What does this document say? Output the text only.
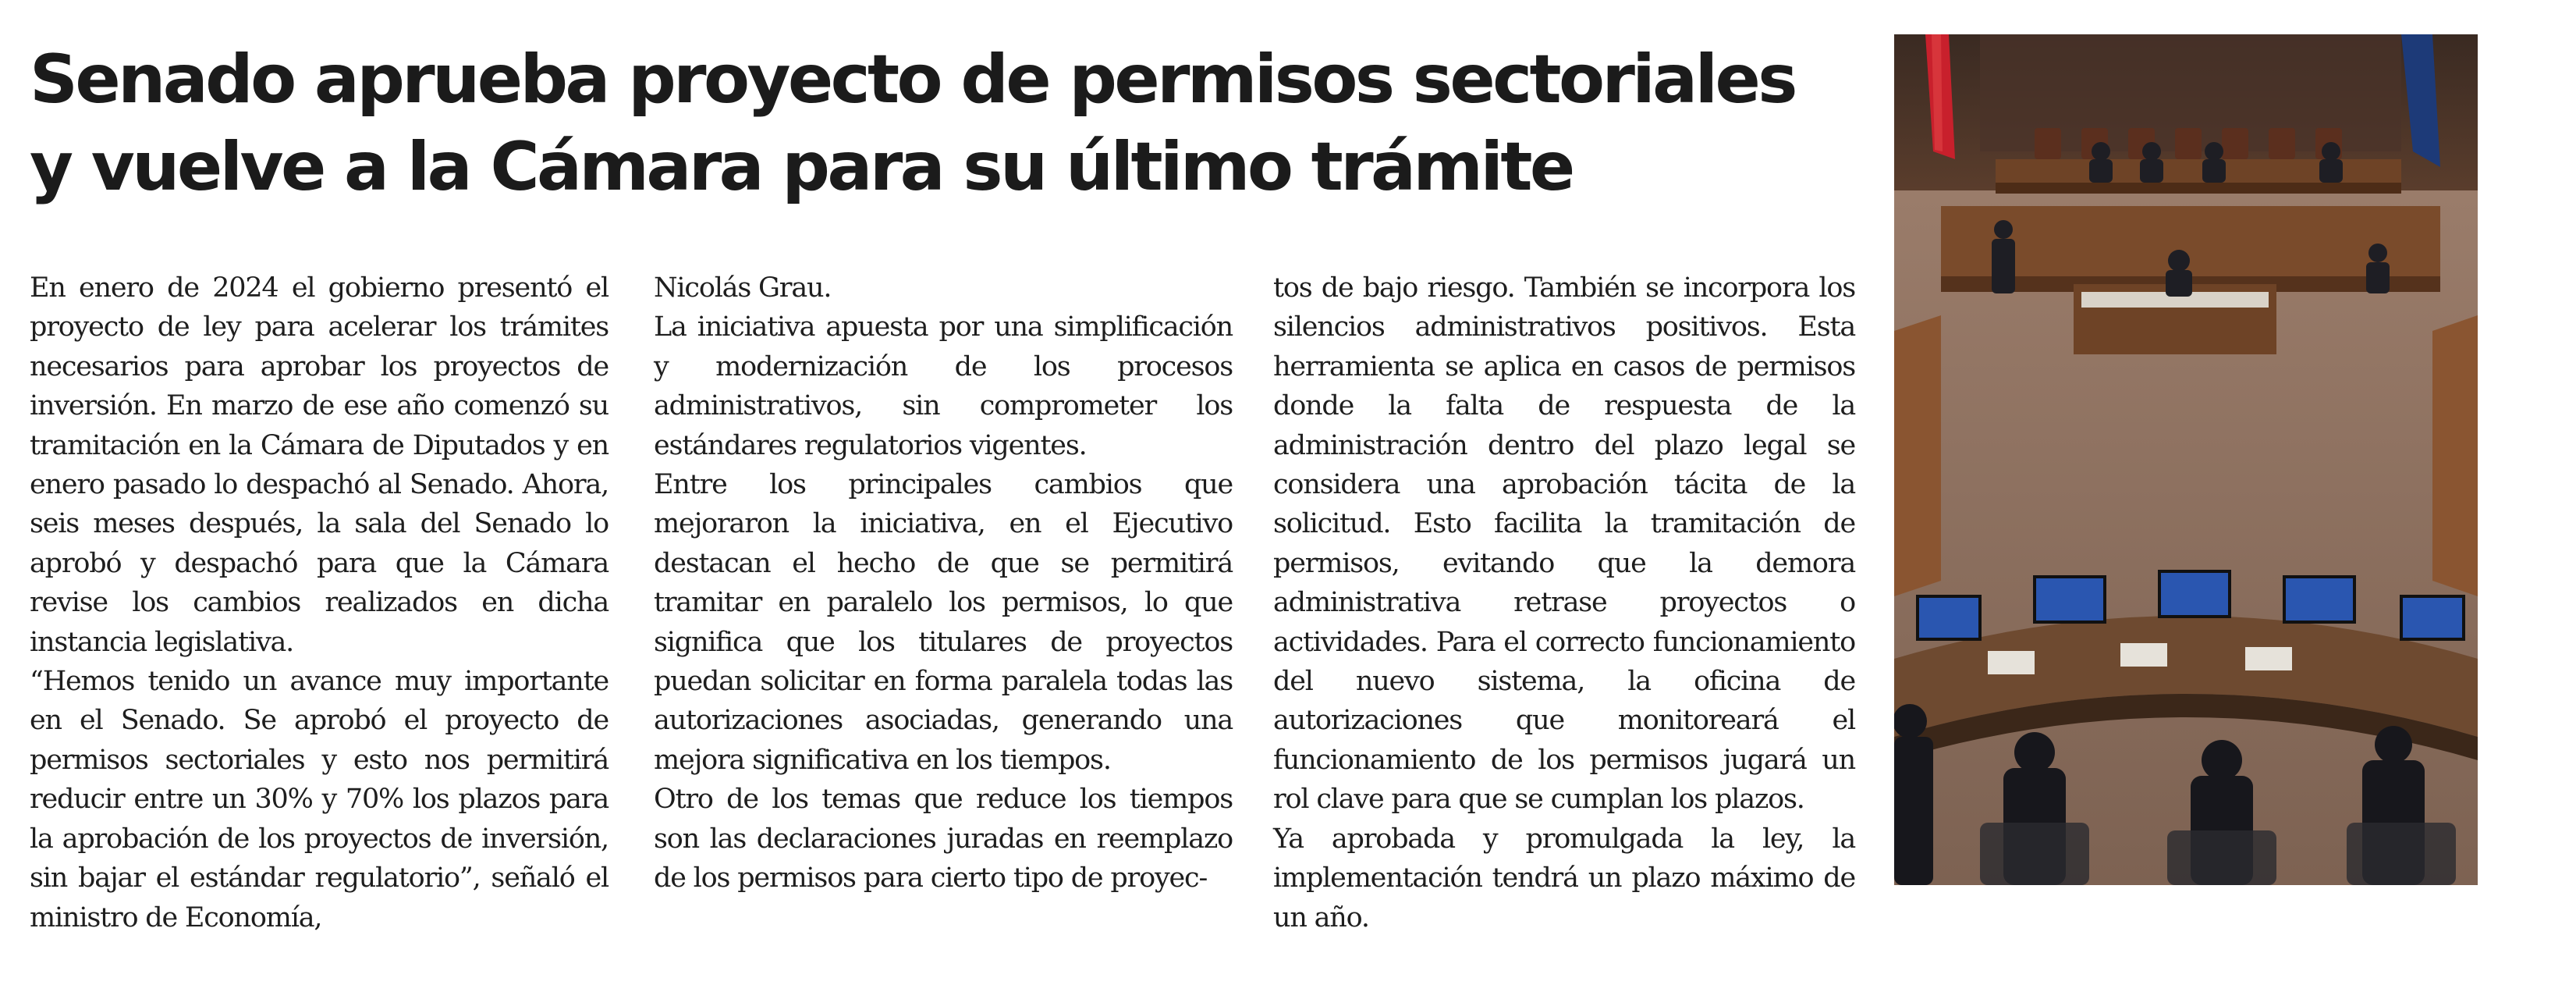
Senado aprueba proyecto de permisos sectoriales
y vuelve a la Cámara para su último trámite

En enero de 2024 el gobierno presentó el proyecto de ley para acelerar los trámites necesarios para aprobar los proyectos de inversión. En marzo de ese año comenzó su tramitación en la Cámara de Diputados y en enero pasado lo despachó al Senado. Ahora, seis meses después, la sala del Senado lo aprobó y despachó para que la Cámara revise los cambios realizados en dicha instancia legislativa.

“Hemos tenido un avance muy importante en el Senado. Se aprobó el proyecto de permisos sectoriales y esto nos permitirá reducir entre un 30% y 70% los plazos para la aprobación de los proyectos de inversión, sin bajar el estándar regulatorio”, señaló el ministro de Economía,

Nicolás Grau.

La iniciativa apuesta por una simplificación y modernización de los procesos administrativos, sin comprometer los estándares regulatorios vigentes.

Entre los principales cambios que mejoraron la iniciativa, en el Ejecutivo destacan el hecho de que se permitirá tramitar en paralelo los permisos, lo que significa que los titulares de proyectos puedan solicitar en forma paralela todas las autorizaciones asociadas, generando una mejora significativa en los tiempos.

Otro de los temas que reduce los tiempos son las declaraciones juradas en reemplazo de los permisos para cierto tipo de proyec-

tos de bajo riesgo. También se incorpora los silencios administrativos positivos. Esta herramienta se aplica en casos de permisos donde la falta de respuesta de la administración dentro del plazo legal se considera una aprobación tácita de la solicitud. Esto facilita la tramitación de permisos, evitando que la demora administrativa retrase proyectos o actividades. Para el correcto funcionamiento del nuevo sistema, la oficina de autorizaciones que monitoreará el funcionamiento de los permisos jugará un rol clave para que se cumplan los plazos.

Ya aprobada y promulgada la ley, la implementación tendrá un plazo máximo de un año.
